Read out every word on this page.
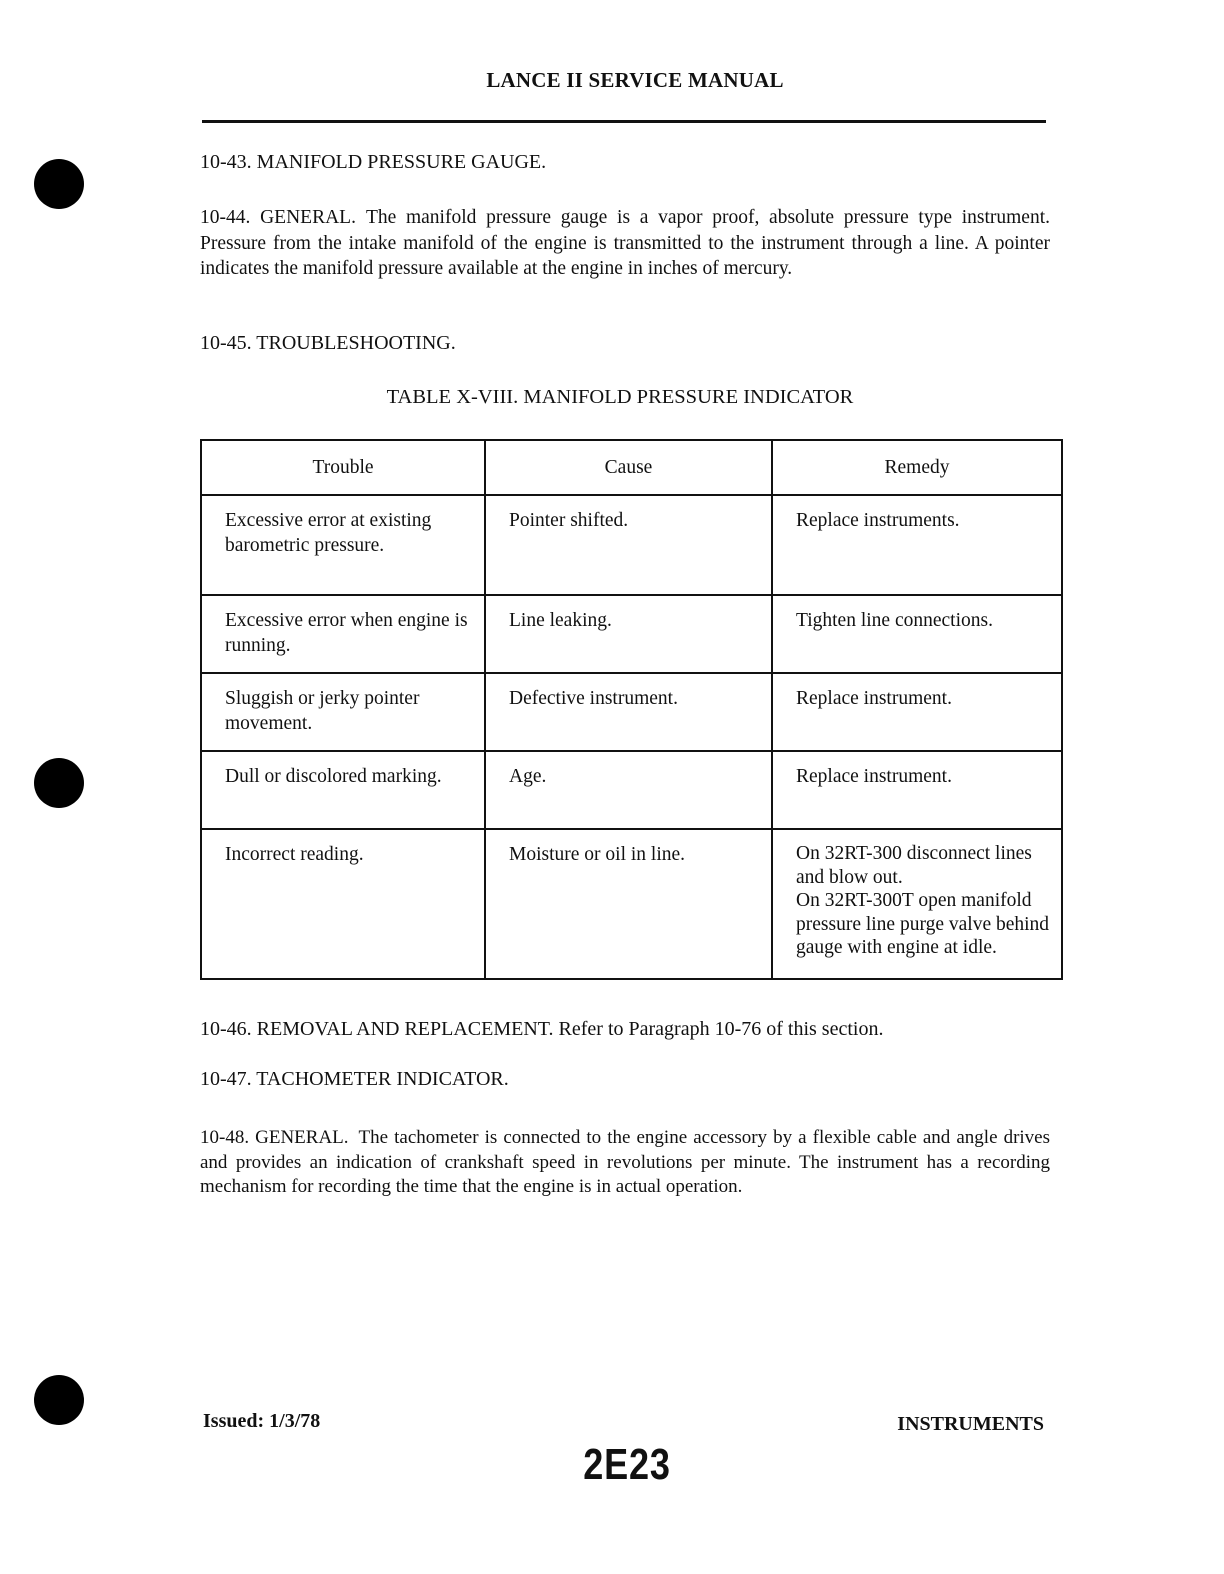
LANCE II SERVICE MANUAL
10-43. MANIFOLD PRESSURE GAUGE.
10-44. GENERAL. The manifold pressure gauge is a vapor proof, absolute pressure type instrument. Pressure from the intake manifold of the engine is transmitted to the instrument through a line. A pointer indicates the manifold pressure available at the engine in inches of mercury.
10-45. TROUBLESHOOTING.
TABLE X-VIII. MANIFOLD PRESSURE INDICATOR
Trouble	Cause	Remedy
Excessive error at existing barometric pressure.	Pointer shifted.	Replace instruments.
Excessive error when engine is running.	Line leaking.	Tighten line connections.
Sluggish or jerky pointer movement.	Defective instrument.	Replace instrument.
Dull or discolored marking.	Age.	Replace instrument.
Incorrect reading.	Moisture or oil in line.	On 32RT-300 disconnect lines and blow out.
On 32RT-300T open manifold pressure line purge valve behind gauge with engine at idle.
10-46. REMOVAL AND REPLACEMENT. Refer to Paragraph 10-76 of this section.
10-47. TACHOMETER INDICATOR.
10-48. GENERAL. The tachometer is connected to the engine accessory by a flexible cable and angle drives and provides an indication of crankshaft speed in revolutions per minute. The instrument has a recording mechanism for recording the time that the engine is in actual operation.
Issued: 1/3/78	INSTRUMENTS
2E23
